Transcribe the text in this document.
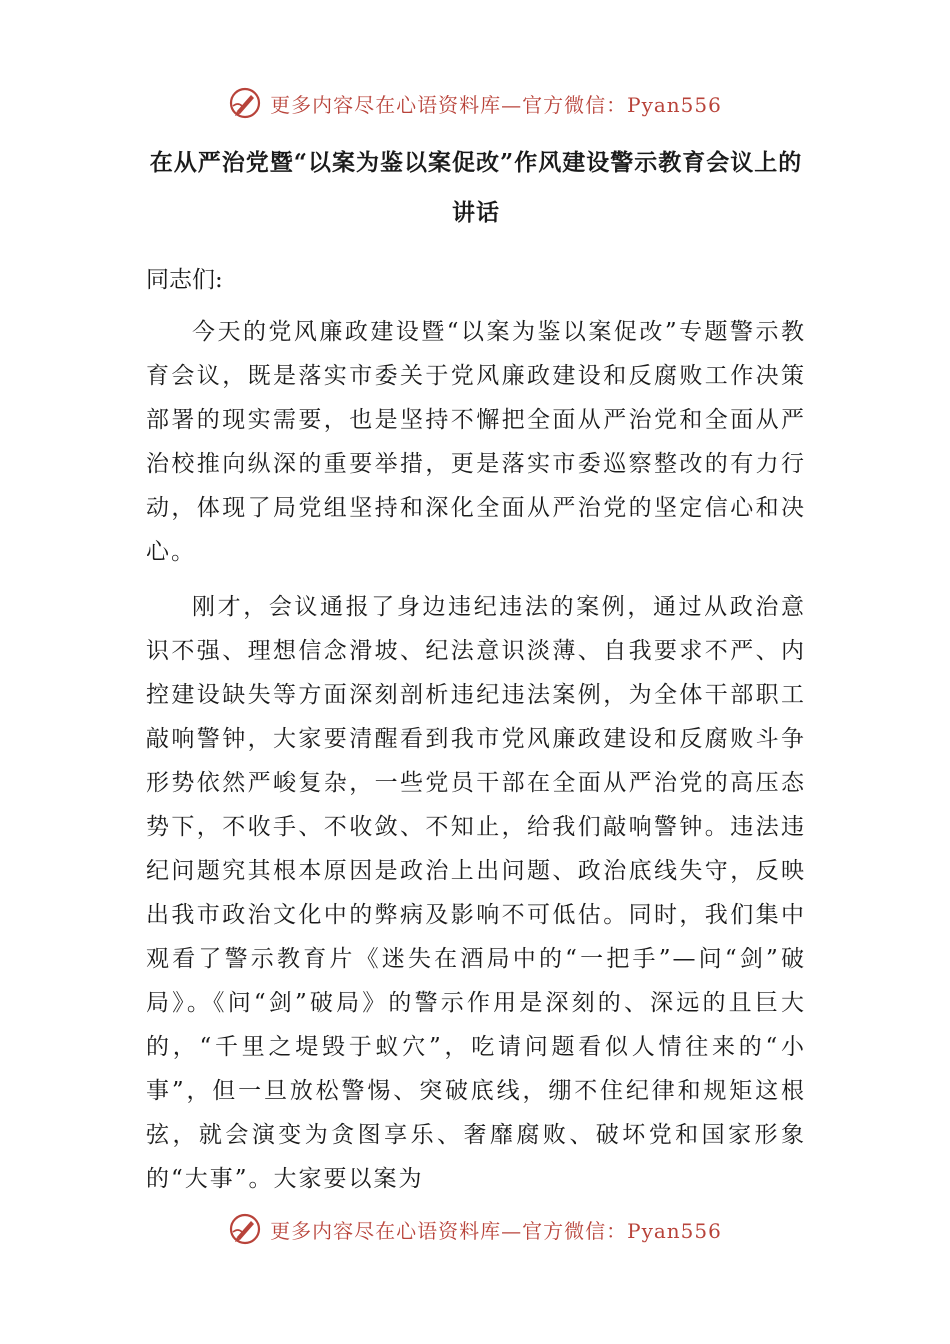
更多内容尽在心语资料库—官方微信：Pyan556
在从严治党暨“以案为鉴以案促改”作风建设警示教育会议上的讲话

同志们:

今天的党风廉政建设暨“以案为鉴以案促改”专题警示教育会议，既是落实市委关于党风廉政建设和反腐败工作决策部署的现实需要，也是坚持不懈把全面从严治党和全面从严治校推向纵深的重要举措，更是落实市委巡察整改的有力行动，体现了局党组坚持和深化全面从严治党的坚定信心和决心。

刚才，会议通报了身边违纪违法的案例，通过从政治意识不强、理想信念滑坡、纪法意识淡薄、自我要求不严、内控建设缺失等方面深刻剖析违纪违法案例，为全体干部职工敲响警钟，大家要清醒看到我市党风廉政建设和反腐败斗争形势依然严峻复杂，一些党员干部在全面从严治党的高压态势下，不收手、不收敛、不知止，给我们敲响警钟。违法违纪问题究其根本原因是政治上出问题、政治底线失守，反映出我市政治文化中的弊病及影响不可低估。同时，我们集中观看了警示教育片《迷失在酒局中的“一把手”—问“剑”破局》。《问“剑”破局》的警示作用是深刻的、深远的且巨大的，“千里之堤毁于蚁穴”，吃请问题看似人情往来的“小事”，但一旦放松警惕、突破底线，绷不住纪律和规矩这根弦，就会演变为贪图享乐、奢靡腐败、破坏党和国家形象的“大事”。大家要以案为

更多内容尽在心语资料库—官方微信：Pyan556
